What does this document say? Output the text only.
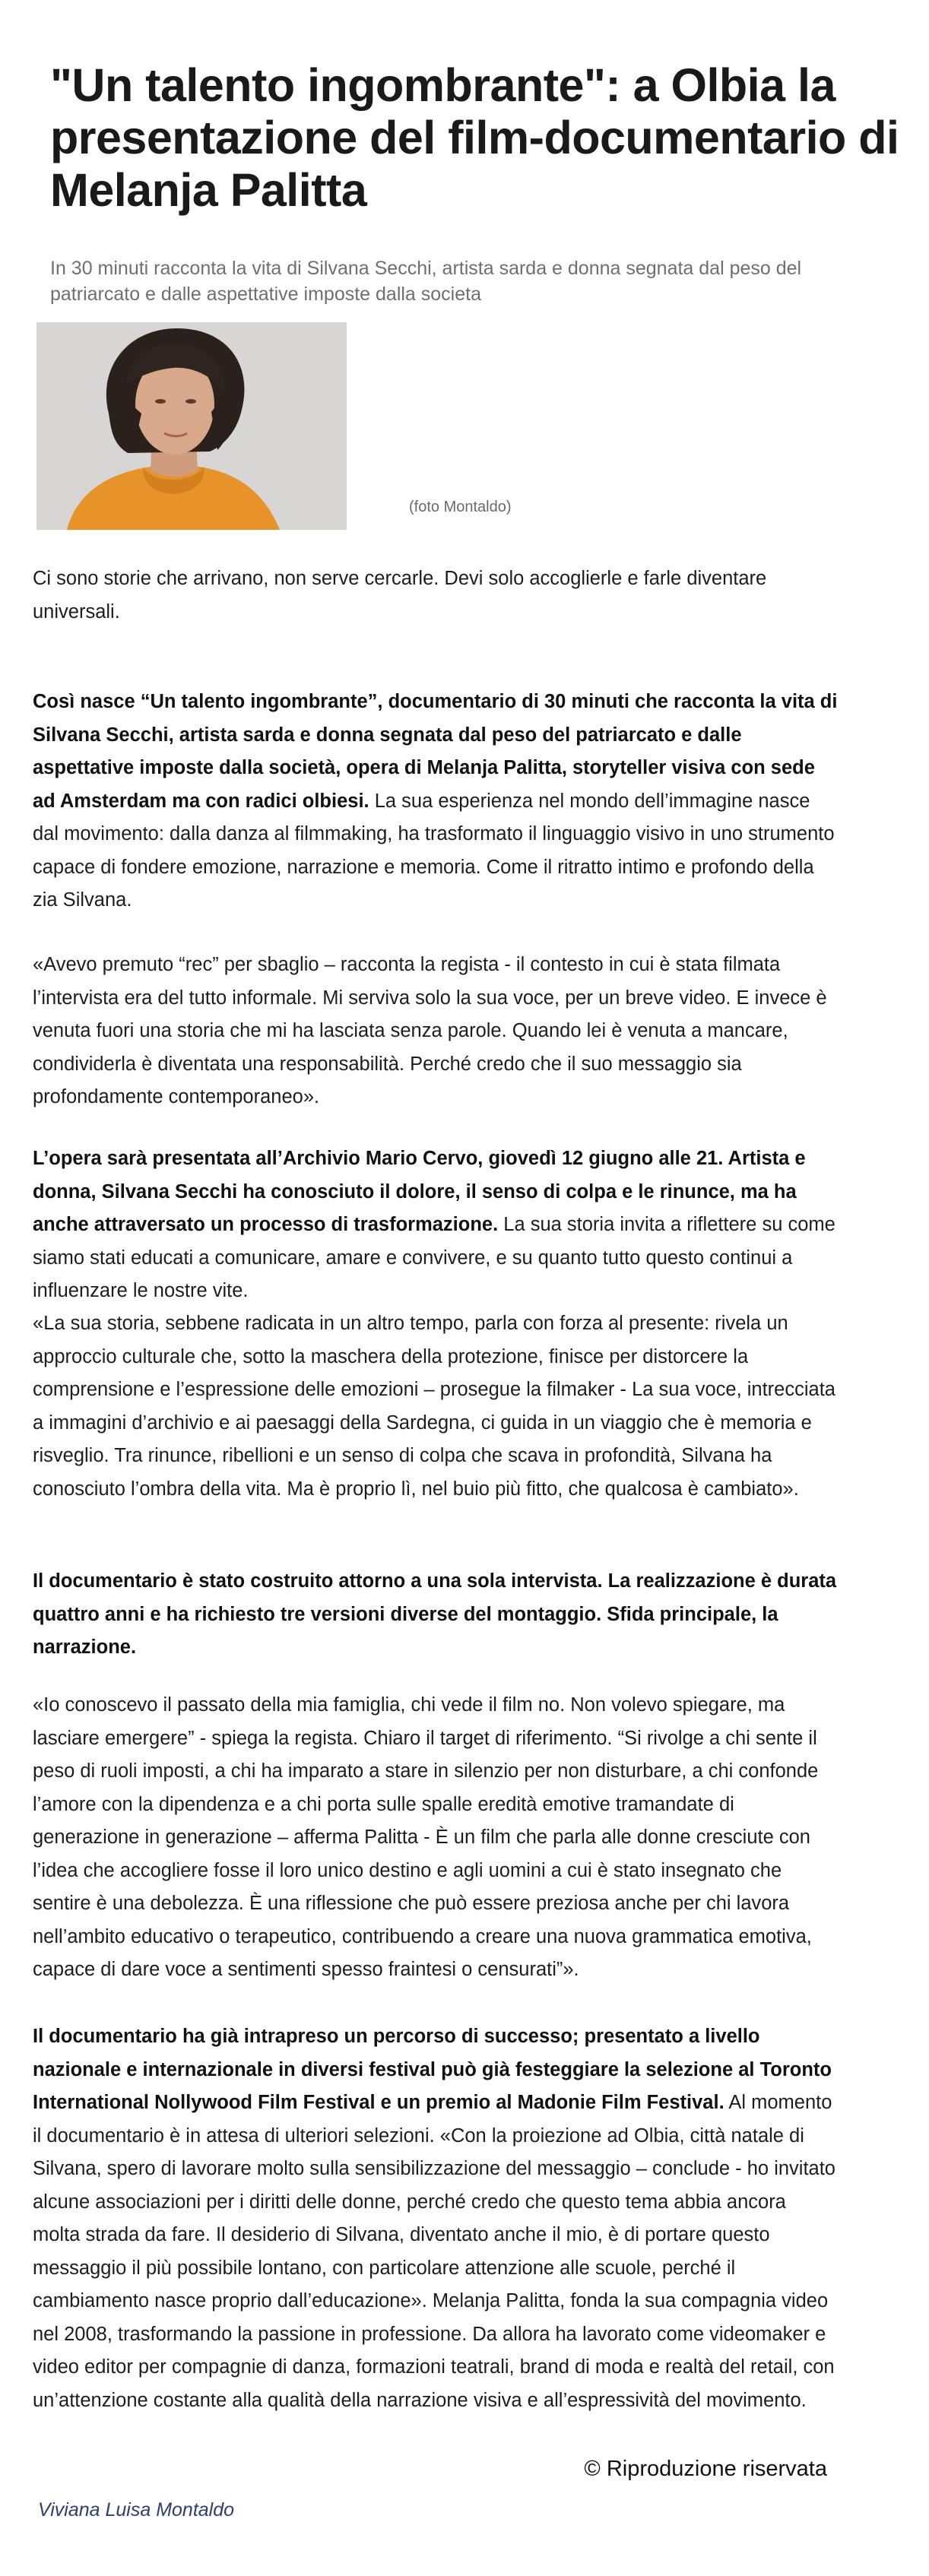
"Un talento ingombrante": a Olbia la presentazione del film-documentario di Melanja Palitta

In 30 minuti racconta la vita di Silvana Secchi, artista sarda e donna segnata dal peso del patriarcato e dalle aspettative imposte dalla societa

(foto Montaldo)

Ci sono storie che arrivano, non serve cercarle. Devi solo accoglierle e farle diventare universali.

Così nasce “Un talento ingombrante”, documentario di 30 minuti che racconta la vita di Silvana Secchi, artista sarda e donna segnata dal peso del patriarcato e dalle aspettative imposte dalla società, opera di Melanja Palitta, storyteller visiva con sede ad Amsterdam ma con radici olbiesi. La sua esperienza nel mondo dell’immagine nasce dal movimento: dalla danza al filmmaking, ha trasformato il linguaggio visivo in uno strumento capace di fondere emozione, narrazione e memoria. Come il ritratto intimo e profondo della zia Silvana.

«Avevo premuto “rec” per sbaglio – racconta la regista - il contesto in cui è stata filmata l’intervista era del tutto informale. Mi serviva solo la sua voce, per un breve video. E invece è venuta fuori una storia che mi ha lasciata senza parole. Quando lei è venuta a mancare, condividerla è diventata una responsabilità. Perché credo che il suo messaggio sia profondamente contemporaneo».

L’opera sarà presentata all’Archivio Mario Cervo, giovedì 12 giugno alle 21. Artista e donna, Silvana Secchi ha conosciuto il dolore, il senso di colpa e le rinunce, ma ha anche attraversato un processo di trasformazione. La sua storia invita a riflettere su come siamo stati educati a comunicare, amare e convivere, e su quanto tutto questo continui a influenzare le nostre vite.

«La sua storia, sebbene radicata in un altro tempo, parla con forza al presente: rivela un approccio culturale che, sotto la maschera della protezione, finisce per distorcere la comprensione e l’espressione delle emozioni – prosegue la filmaker - La sua voce, intrecciata a immagini d’archivio e ai paesaggi della Sardegna, ci guida in un viaggio che è memoria e risveglio. Tra rinunce, ribellioni e un senso di colpa che scava in profondità, Silvana ha conosciuto l’ombra della vita. Ma è proprio lì, nel buio più fitto, che qualcosa è cambiato».

Il documentario è stato costruito attorno a una sola intervista. La realizzazione è durata quattro anni e ha richiesto tre versioni diverse del montaggio. Sfida principale, la narrazione.

«Io conoscevo il passato della mia famiglia, chi vede il film no. Non volevo spiegare, ma lasciare emergere” - spiega la regista. Chiaro il target di riferimento. “Si rivolge a chi sente il peso di ruoli imposti, a chi ha imparato a stare in silenzio per non disturbare, a chi confonde l’amore con la dipendenza e a chi porta sulle spalle eredità emotive tramandate di generazione in generazione – afferma Palitta - È un film che parla alle donne cresciute con l’idea che accogliere fosse il loro unico destino e agli uomini a cui è stato insegnato che sentire è una debolezza. È una riflessione che può essere preziosa anche per chi lavora nell’ambito educativo o terapeutico, contribuendo a creare una nuova grammatica emotiva, capace di dare voce a sentimenti spesso fraintesi o censurati”».

Il documentario ha già intrapreso un percorso di successo; presentato a livello nazionale e internazionale in diversi festival può già festeggiare la selezione al Toronto International Nollywood Film Festival e un premio al Madonie Film Festival. Al momento il documentario è in attesa di ulteriori selezioni. «Con la proiezione ad Olbia, città natale di Silvana, spero di lavorare molto sulla sensibilizzazione del messaggio – conclude - ho invitato alcune associazioni per i diritti delle donne, perché credo che questo tema abbia ancora molta strada da fare. Il desiderio di Silvana, diventato anche il mio, è di portare questo messaggio il più possibile lontano, con particolare attenzione alle scuole, perché il cambiamento nasce proprio dall’educazione». Melanja Palitta, fonda la sua compagnia video nel 2008, trasformando la passione in professione. Da allora ha lavorato come videomaker e video editor per compagnie di danza, formazioni teatrali, brand di moda e realtà del retail, con un’attenzione costante alla qualità della narrazione visiva e all’espressività del movimento.

© Riproduzione riservata
Viviana Luisa Montaldo
